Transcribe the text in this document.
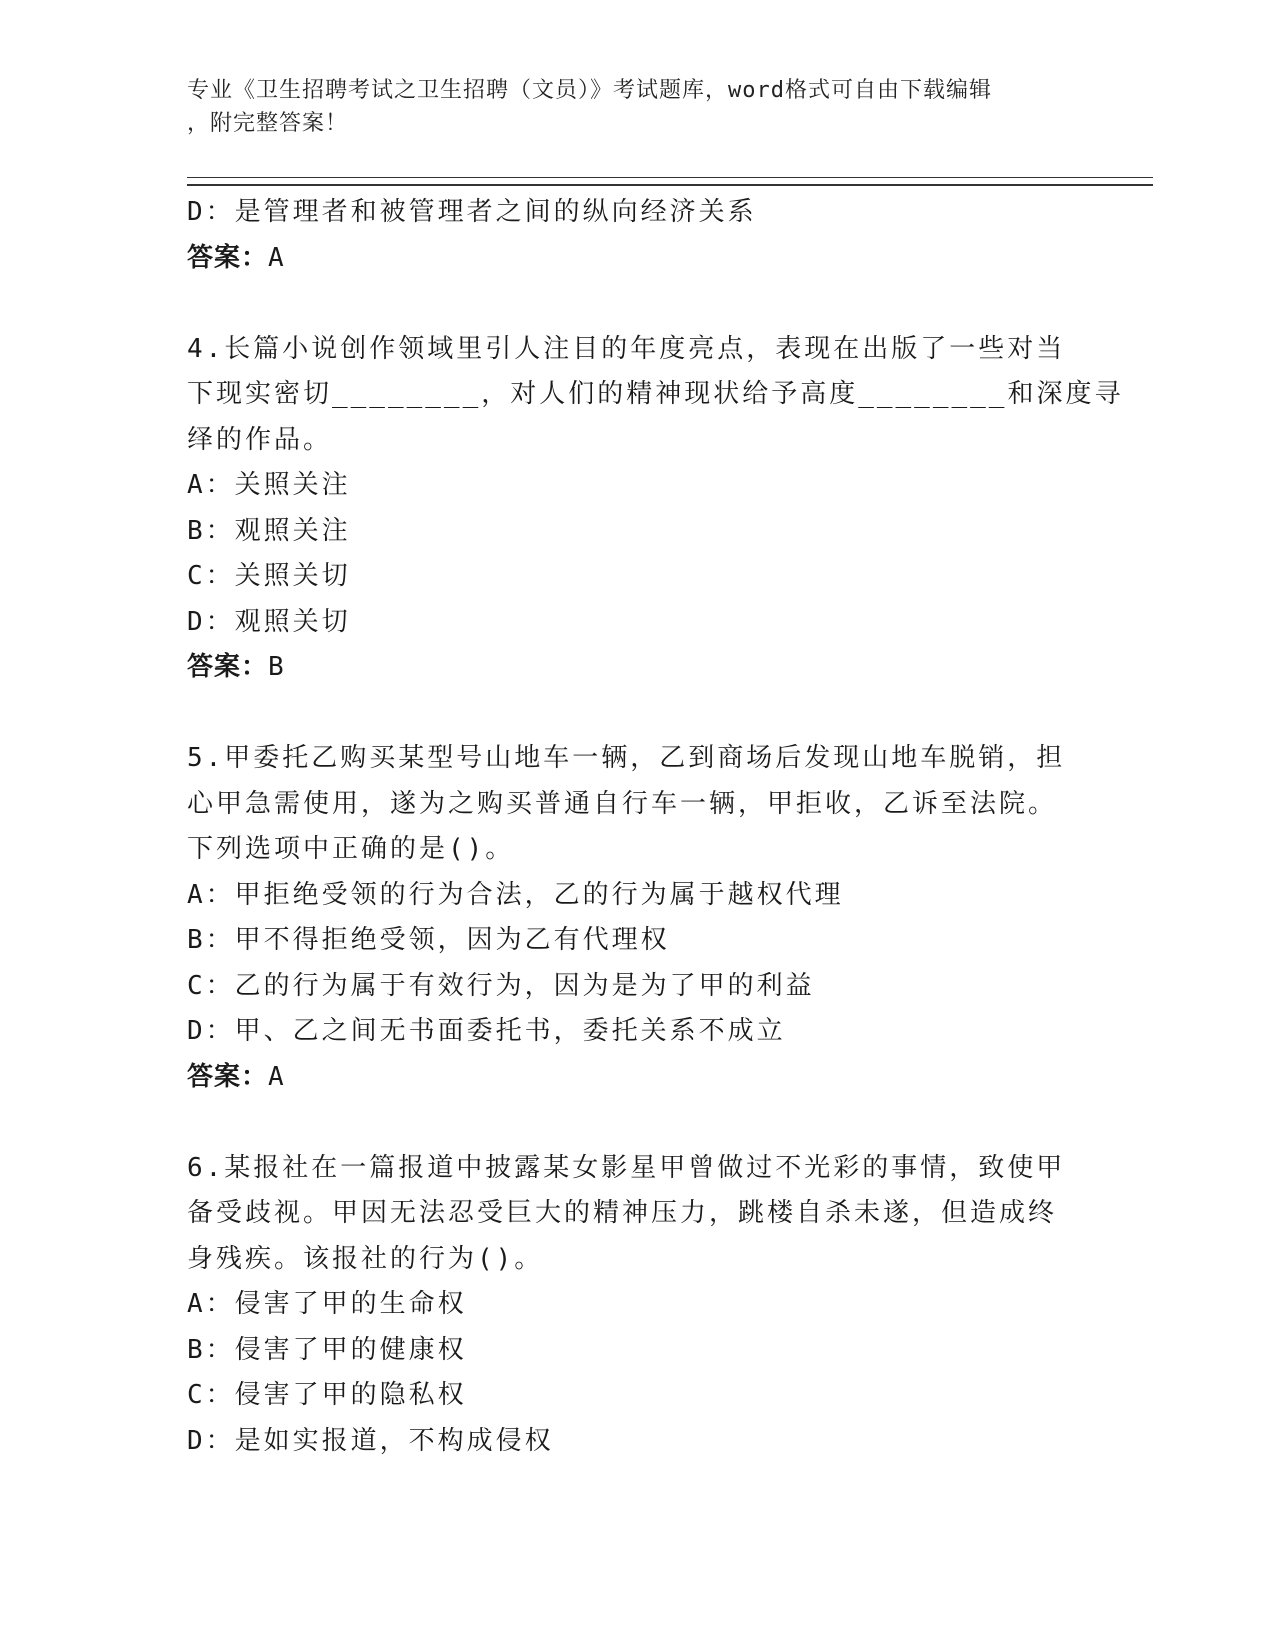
专业《卫生招聘考试之卫生招聘（文员）》考试题库，word格式可自由下载编辑
，附完整答案！
D：是管理者和被管理者之间的纵向经济关系
答案：A
4.长篇小说创作领域里引人注目的年度亮点，表现在出版了一些对当
下现实密切________，对人们的精神现状给予高度________和深度寻
绎的作品。
A：关照关注
B：观照关注
C：关照关切
D：观照关切
答案：B
5.甲委托乙购买某型号山地车一辆，乙到商场后发现山地车脱销，担
心甲急需使用，遂为之购买普通自行车一辆，甲拒收，乙诉至法院。
下列选项中正确的是()。
A：甲拒绝受领的行为合法，乙的行为属于越权代理
B：甲不得拒绝受领，因为乙有代理权
C：乙的行为属于有效行为，因为是为了甲的利益
D：甲、乙之间无书面委托书，委托关系不成立
答案：A
6.某报社在一篇报道中披露某女影星甲曾做过不光彩的事情，致使甲
备受歧视。甲因无法忍受巨大的精神压力，跳楼自杀未遂，但造成终
身残疾。该报社的行为()。
A：侵害了甲的生命权
B：侵害了甲的健康权
C：侵害了甲的隐私权
D：是如实报道，不构成侵权
